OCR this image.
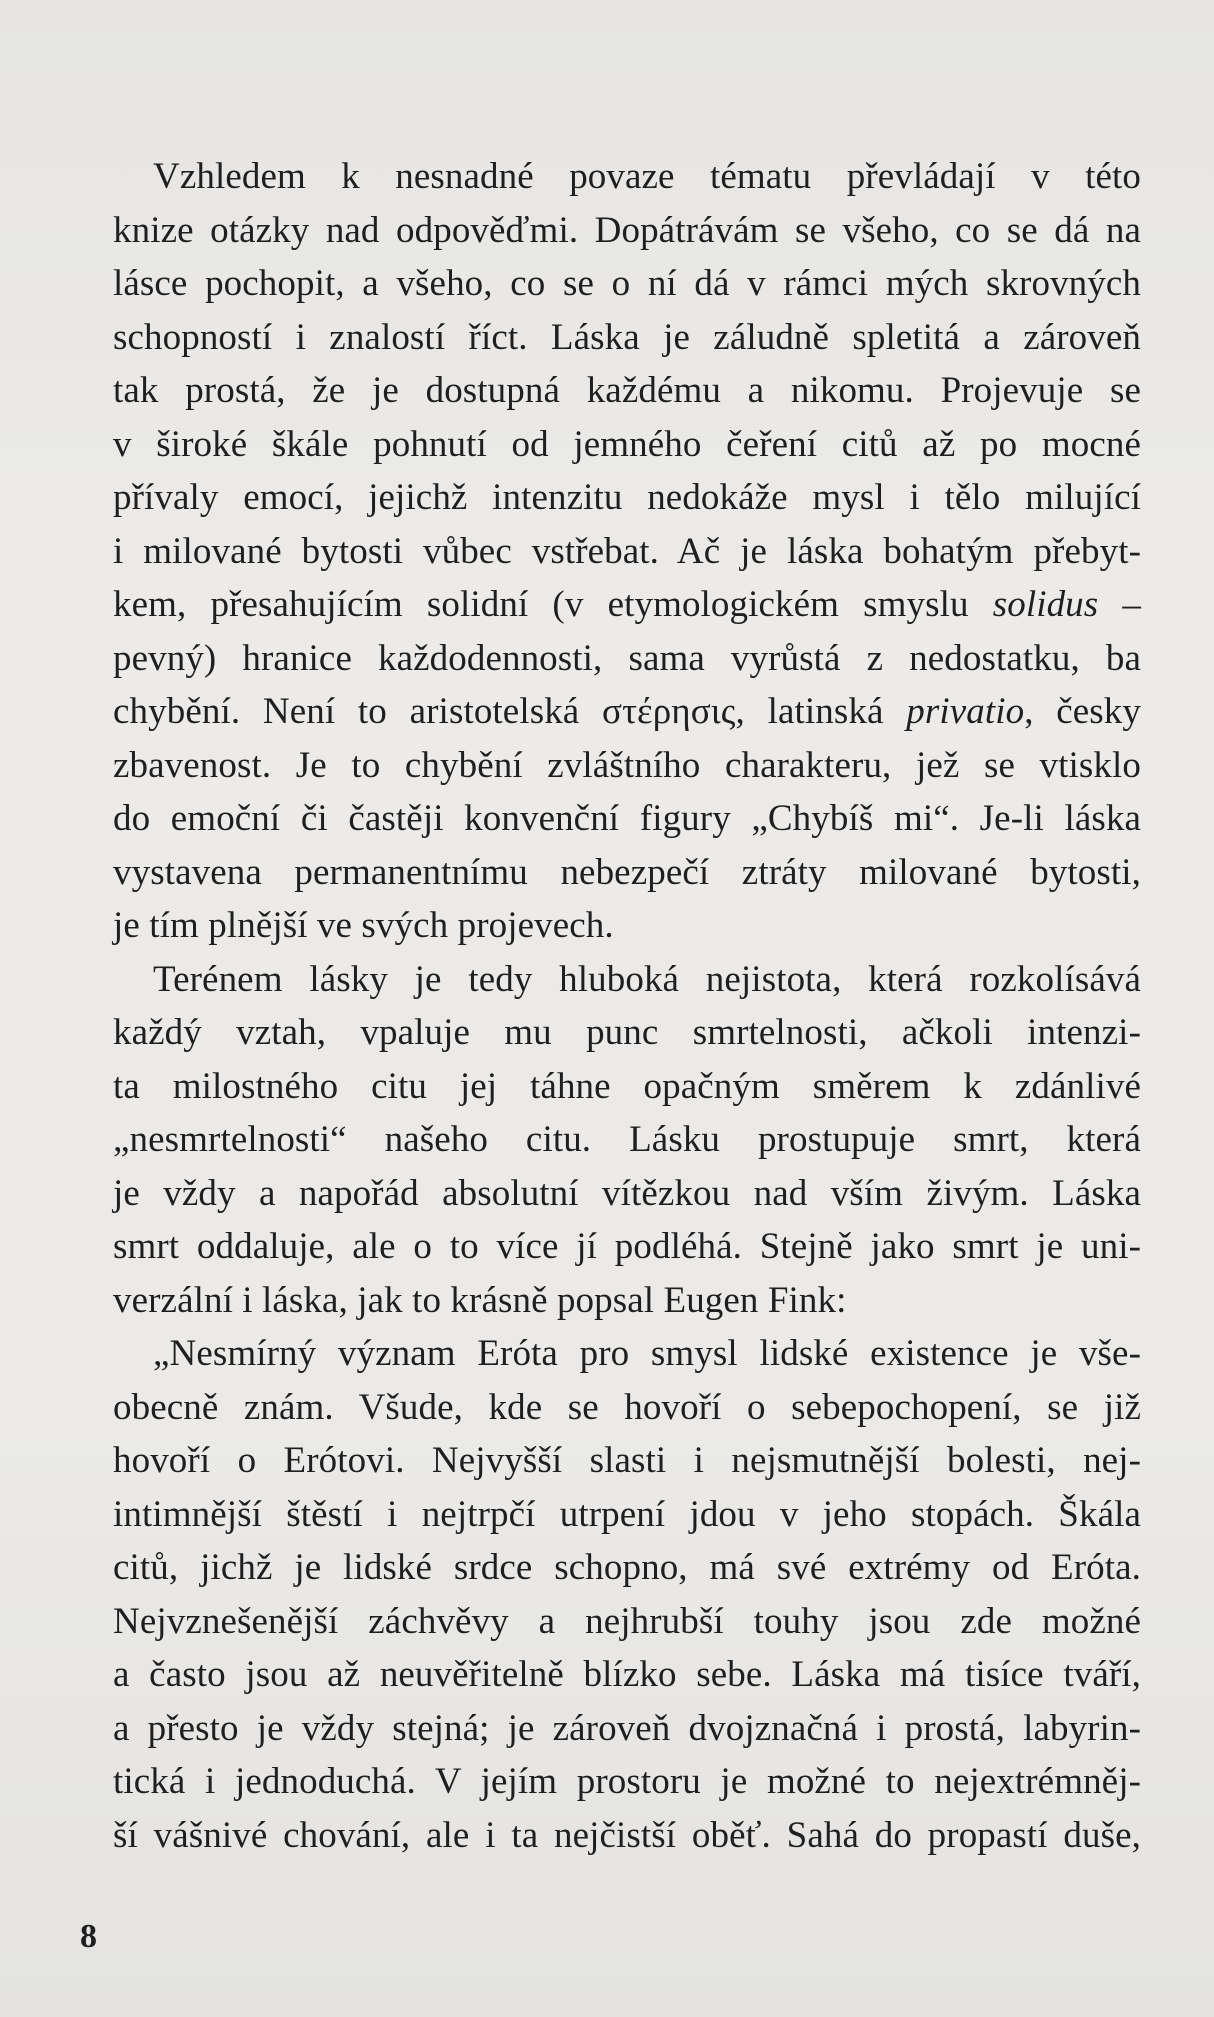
Vzhledem k nesnadné povaze tématu převládají v této
knize otázky nad odpověďmi. Dopátrávám se všeho, co se dá na
lásce pochopit, a všeho, co se o ní dá v rámci mých skrovných
schopností i znalostí říct. Láska je záludně spletitá a zároveň
tak prostá, že je dostupná každému a nikomu. Projevuje se
v široké škále pohnutí od jemného čeření citů až po mocné
přívaly emocí, jejichž intenzitu nedokáže mysl i tělo milující
i milované bytosti vůbec vstřebat. Ač je láska bohatým přebyt-
kem, přesahujícím solidní (v etymologickém smyslu solidus –
pevný) hranice každodennosti, sama vyrůstá z nedostatku, ba
chybění. Není to aristotelská στέρησις, latinská privatio, česky
zbavenost. Je to chybění zvláštního charakteru, jež se vtisklo
do emoční či častěji konvenční figury „Chybíš mi“. Je-li láska
vystavena permanentnímu nebezpečí ztráty milované bytosti,
je tím plnější ve svých projevech.
Terénem lásky je tedy hluboká nejistota, která rozkolísává
každý vztah, vpaluje mu punc smrtelnosti, ačkoli intenzi-
ta milostného citu jej táhne opačným směrem k zdánlivé
„nesmrtelnosti“ našeho citu. Lásku prostupuje smrt, která
je vždy a napořád absolutní vítězkou nad vším živým. Láska
smrt oddaluje, ale o to více jí podléhá. Stejně jako smrt je uni-
verzální i láska, jak to krásně popsal Eugen Fink:
„Nesmírný význam Eróta pro smysl lidské existence je vše-
obecně znám. Všude, kde se hovoří o sebepochopení, se již
hovoří o Erótovi. Nejvyšší slasti i nejsmutnější bolesti, nej-
intimnější štěstí i nejtrpčí utrpení jdou v jeho stopách. Škála
citů, jichž je lidské srdce schopno, má své extrémy od Eróta.
Nejvznešenější záchvěvy a nejhrubší touhy jsou zde možné
a často jsou až neuvěřitelně blízko sebe. Láska má tisíce tváří,
a přesto je vždy stejná; je zároveň dvojznačná i prostá, labyrin-
tická i jednoduchá. V jejím prostoru je možné to nejextrémněj-
ší vášnivé chování, ale i ta nejčistší oběť. Sahá do propastí duše,
8
